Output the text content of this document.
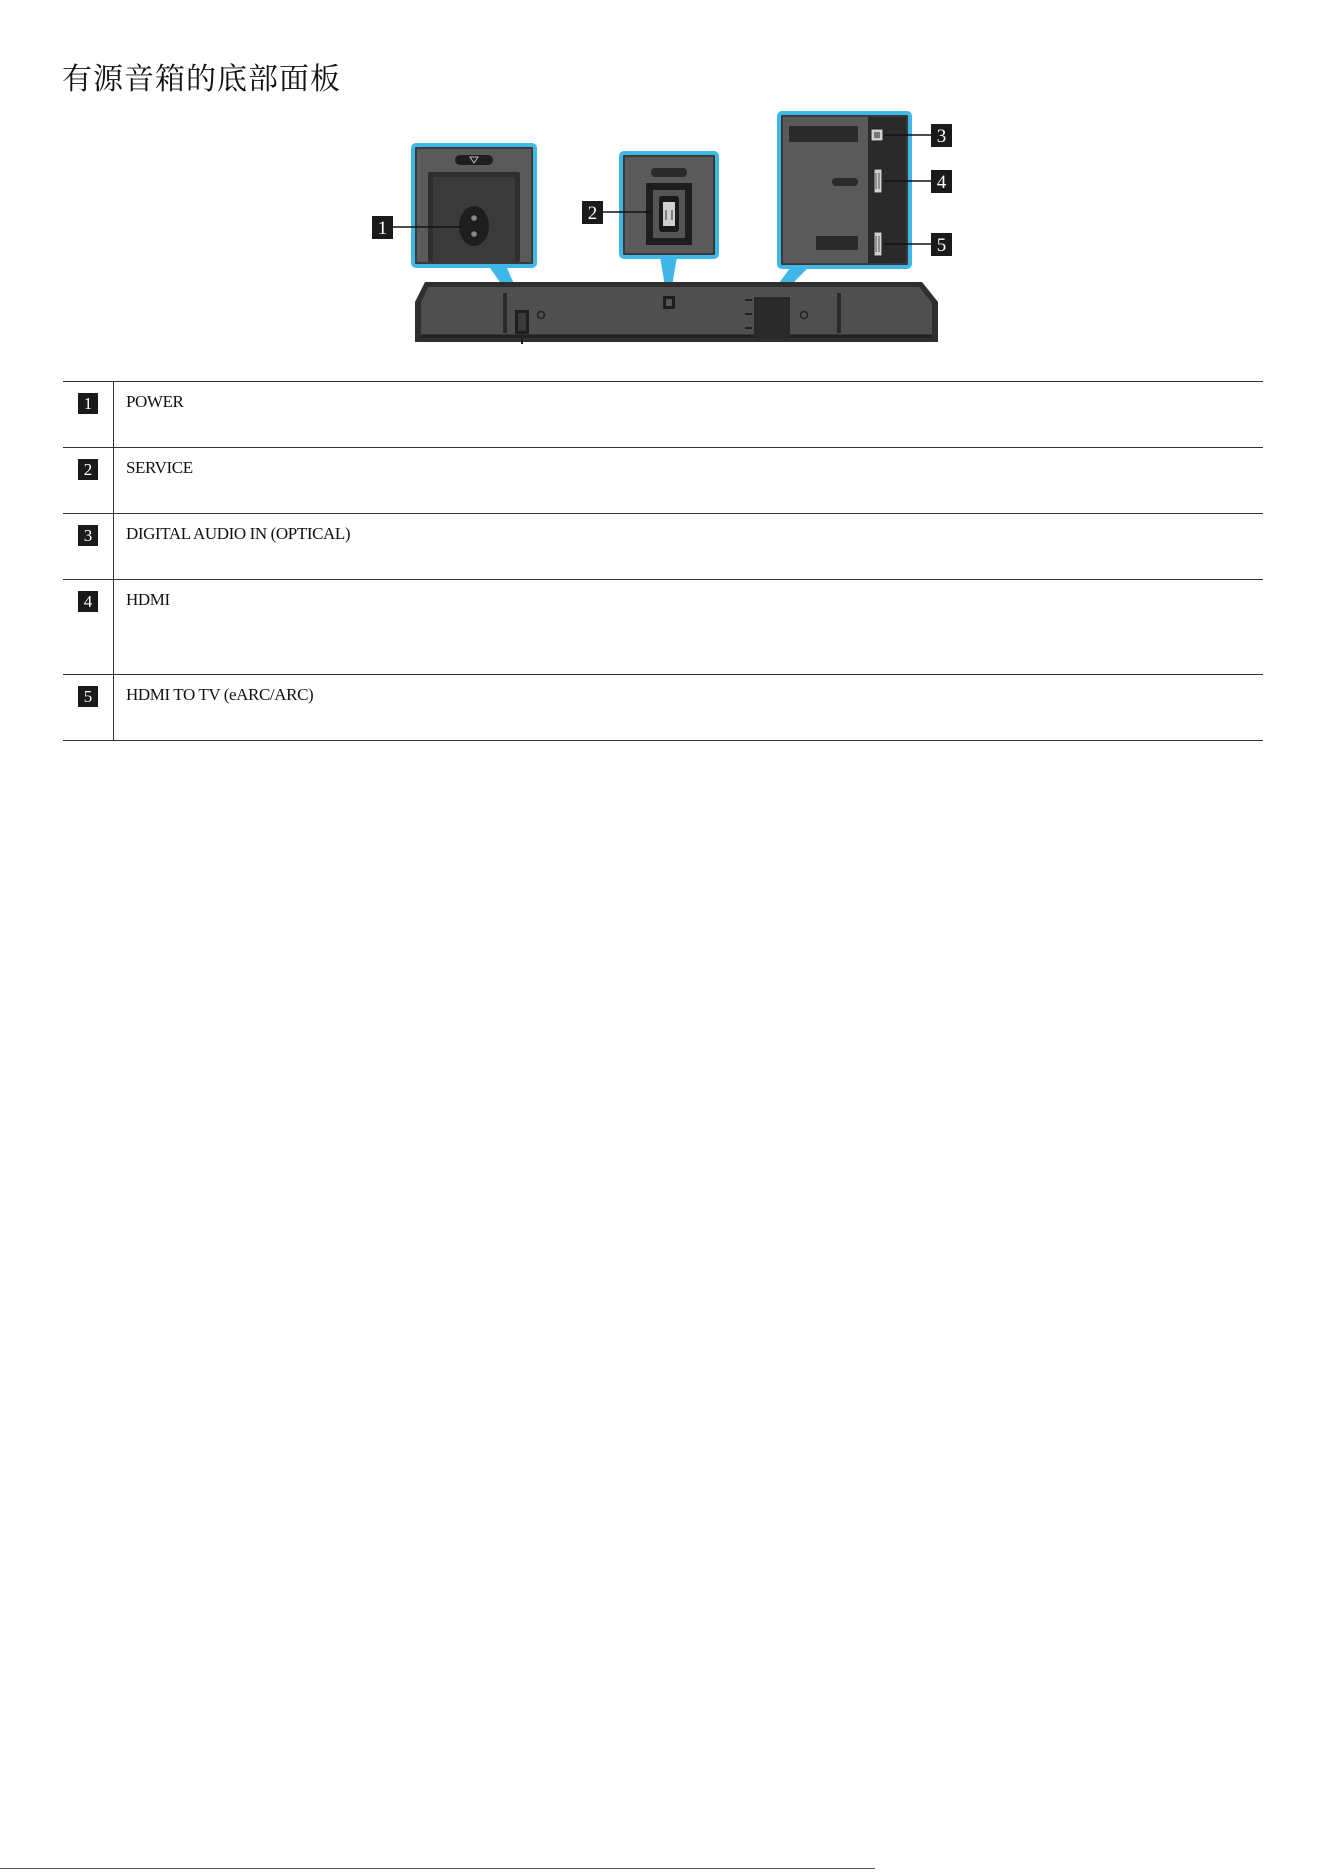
有源音箱的底部面板
1
2
3
4
5
1	POWER
2	SERVICE
3	DIGITAL AUDIO IN (OPTICAL)
4	HDMI
5	HDMI TO TV (eARC/ARC)
